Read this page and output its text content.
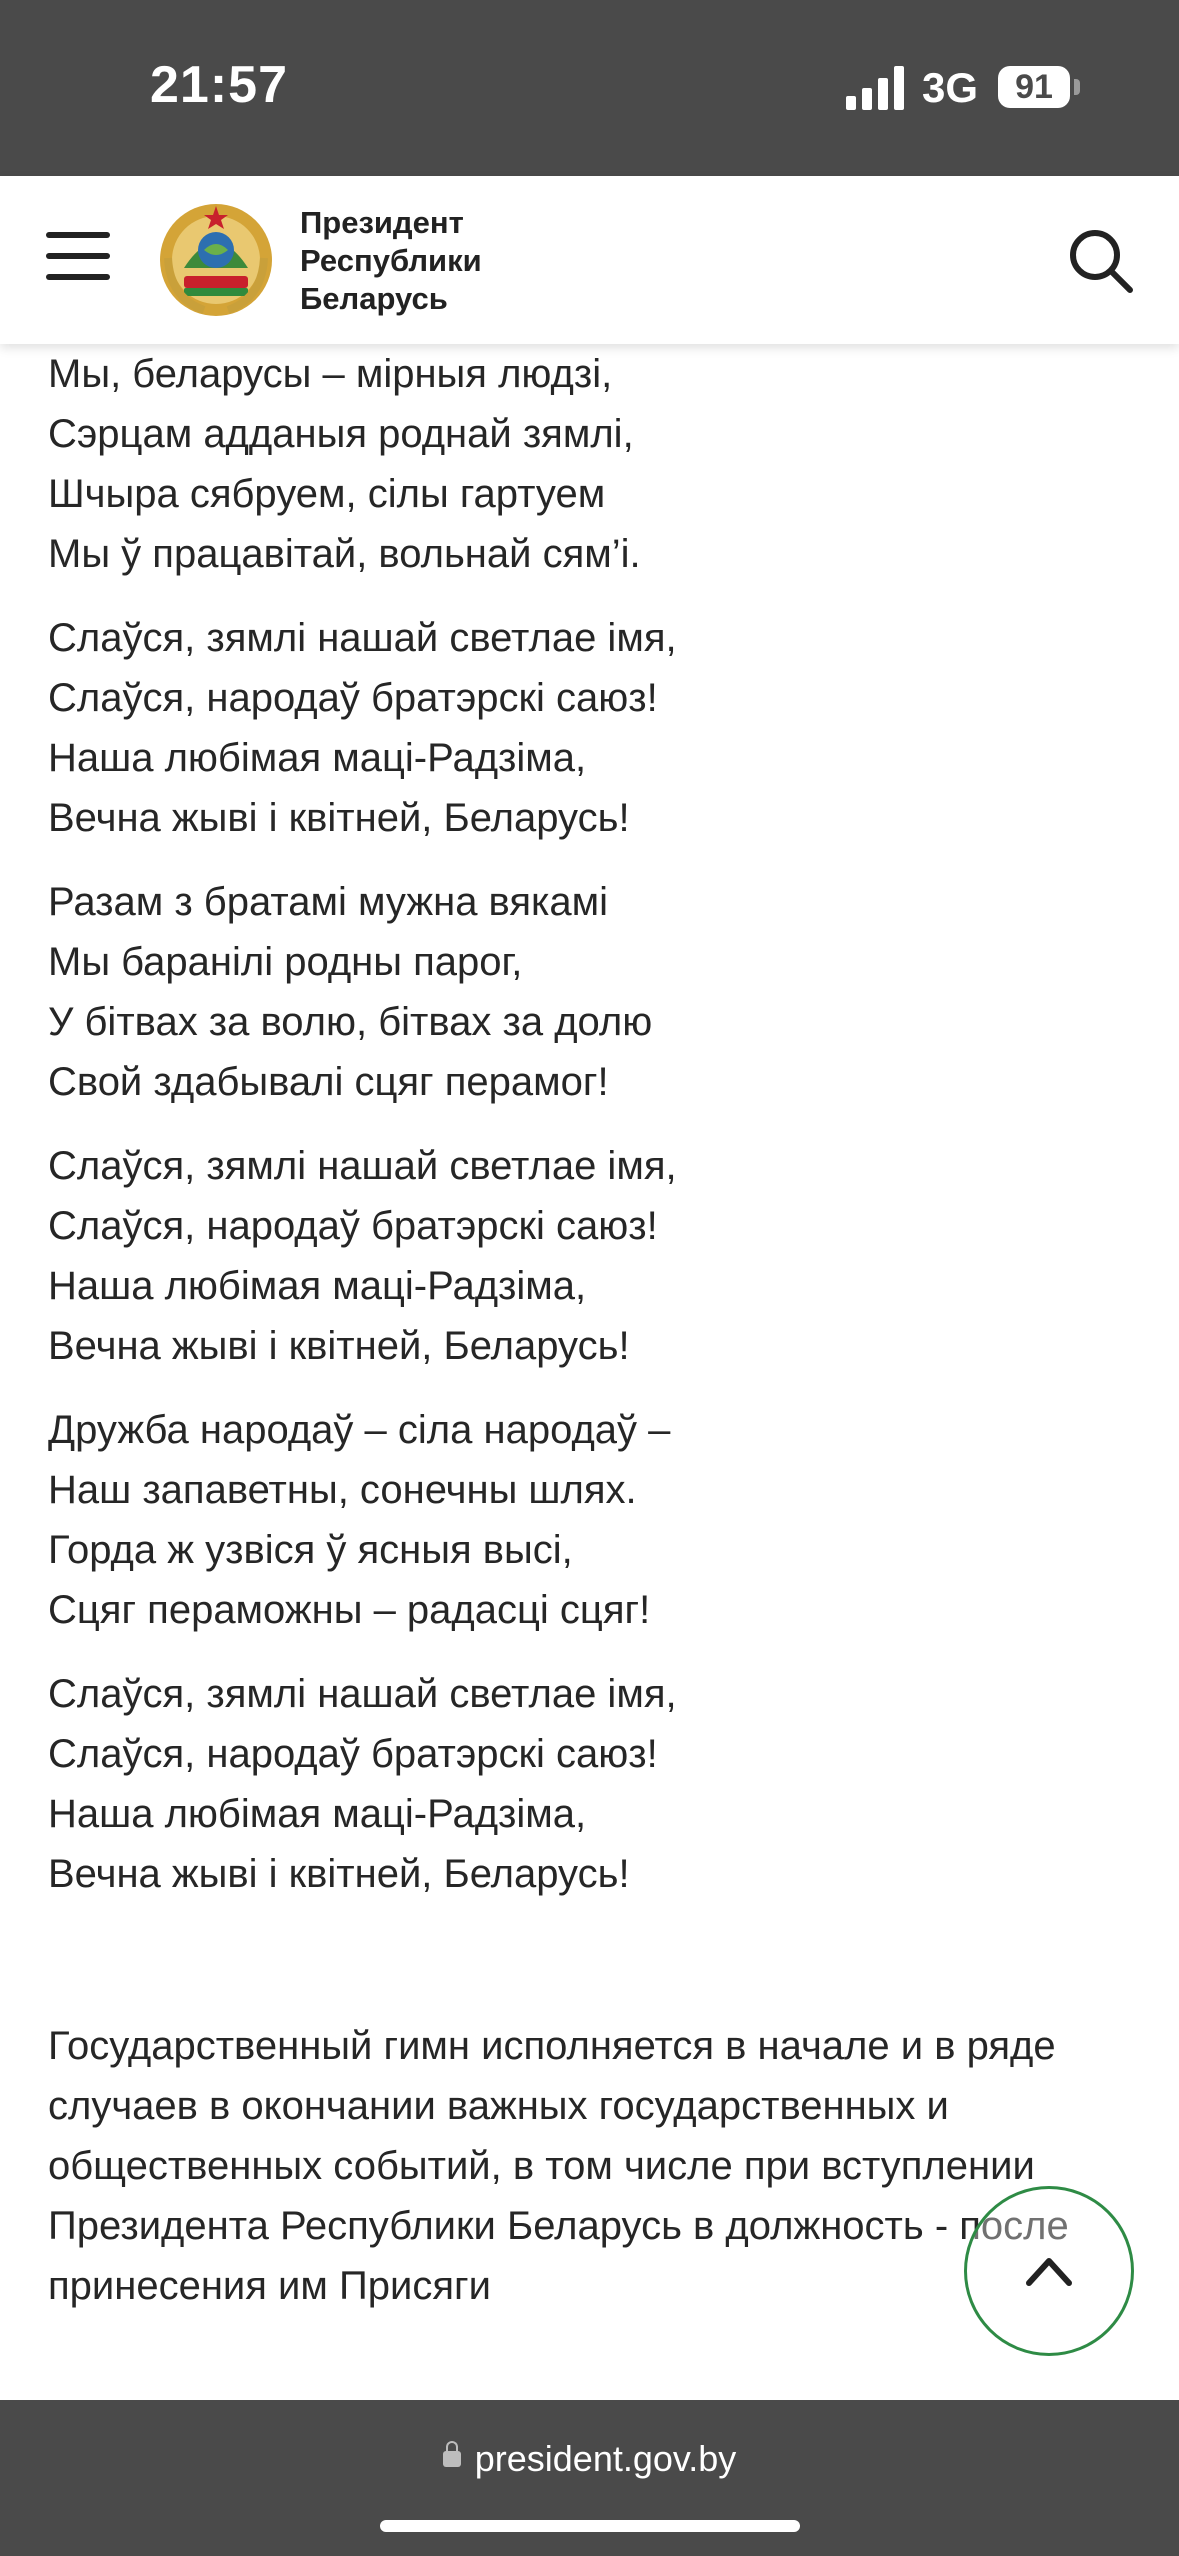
21:57	3G	91
Президент
Республики
Беларусь
Мы, беларусы – мірныя людзі,
Сэрцам адданыя роднай зямлі,
Шчыра сябруем, сілы гартуем
Мы ў працавітай, вольнай сям’і.
Слаўся, зямлі нашай светлае імя,
Слаўся, народаў братэрскі саюз!
Наша любімая маці-Радзіма,
Вечна жыві і квітней, Беларусь!
Разам з братамі мужна вякамі
Мы баранілі родны парог,
У бітвах за волю, бітвах за долю
Свой здабывалі сцяг перамог!
Слаўся, зямлі нашай светлае імя,
Слаўся, народаў братэрскі саюз!
Наша любімая маці-Радзіма,
Вечна жыві і квітней, Беларусь!
Дружба народаў – сіла народаў –
Наш запаветны, сонечны шлях.
Горда ж узвіся ў ясныя высі,
Сцяг пераможны – радасці сцяг!
Слаўся, зямлі нашай светлае імя,
Слаўся, народаў братэрскі саюз!
Наша любімая маці-Радзіма,
Вечна жыві і квітней, Беларусь!
Государственный гимн исполняется в начале и в ряде случаев в окончании важных государственных и общественных событий, в том числе при вступлении Президента Республики Беларусь в должность - после принесения им Присяги
president.gov.by
